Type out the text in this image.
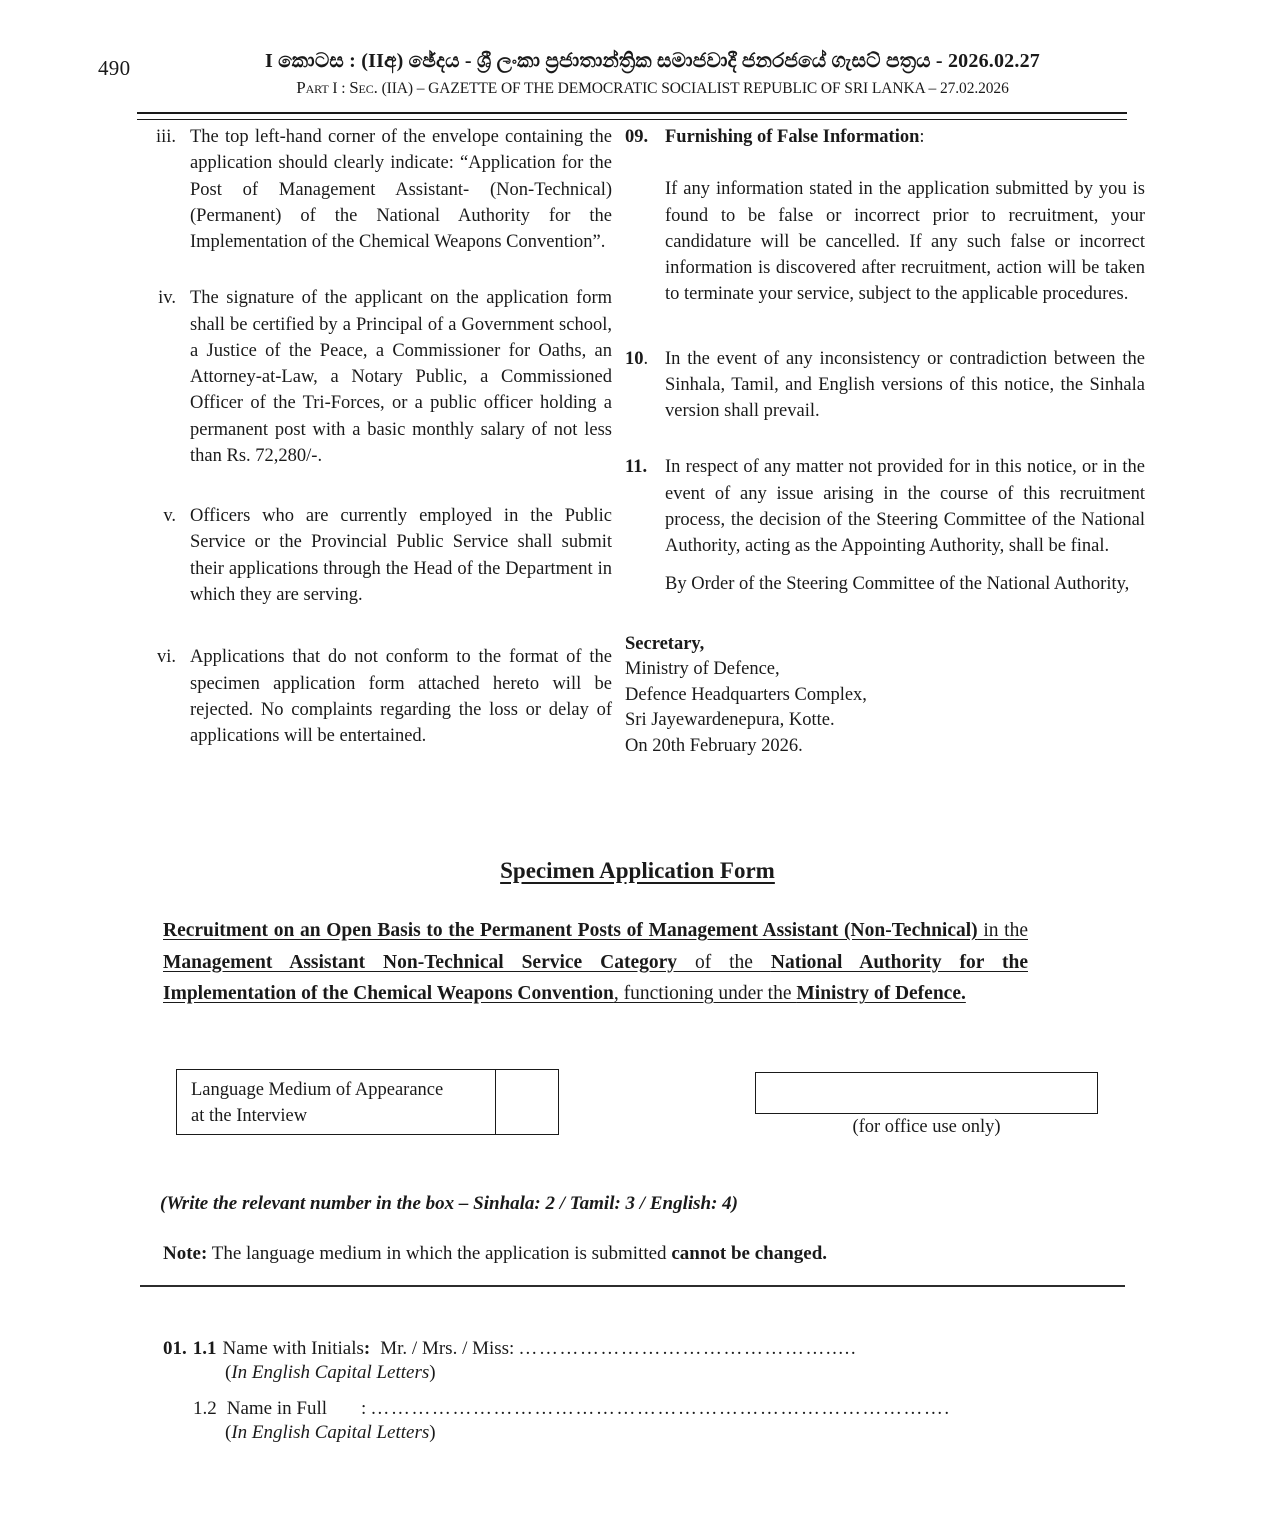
490	I කොටස : (IIඅ) ඡේදය - ශ්‍රී ලංකා ප්‍රජාතාන්ත්‍රික සමාජවාදී ජනරජයේ ගැසට් පත්‍රය - 2026.02.27
Part I : Sec. (IIA) – GAZETTE OF THE DEMOCRATIC SOCIALIST REPUBLIC OF SRI LANKA – 27.02.2026
iii. The top left-hand corner of the envelope containing the application should clearly indicate: “Application for the Post of Management Assistant- (Non-Technical) (Permanent) of the National Authority for the Implementation of the Chemical Weapons Convention”.
iv. The signature of the applicant on the application form shall be certified by a Principal of a Government school, a Justice of the Peace, a Commissioner for Oaths, an Attorney-at-Law, a Notary Public, a Commissioned Officer of the Tri-Forces, or a public officer holding a permanent post with a basic monthly salary of not less than Rs. 72,280/-.
v. Officers who are currently employed in the Public Service or the Provincial Public Service shall submit their applications through the Head of the Department in which they are serving.
vi. Applications that do not conform to the format of the specimen application form attached hereto will be rejected. No complaints regarding the loss or delay of applications will be entertained.
09. Furnishing of False Information:
If any information stated in the application submitted by you is found to be false or incorrect prior to recruitment, your candidature will be cancelled. If any such false or incorrect information is discovered after recruitment, action will be taken to terminate your service, subject to the applicable procedures.
10. In the event of any inconsistency or contradiction between the Sinhala, Tamil, and English versions of this notice, the Sinhala version shall prevail.
11. In respect of any matter not provided for in this notice, or in the event of any issue arising in the course of this recruitment process, the decision of the Steering Committee of the National Authority, acting as the Appointing Authority, shall be final.
By Order of the Steering Committee of the National Authority,
Secretary,
Ministry of Defence,
Defence Headquarters Complex,
Sri Jayewardenepura, Kotte.
On 20th February 2026.
Specimen Application Form
Recruitment on an Open Basis to the Permanent Posts of Management Assistant (Non-Technical) in the Management Assistant Non-Technical Service Category of the National Authority for the Implementation of the Chemical Weapons Convention, functioning under the Ministry of Defence.
Language Medium of Appearance
at the Interview
(for office use only)
(Write the relevant number in the box – Sinhala: 2 / Tamil: 3 / English: 4)
Note: The language medium in which the application is submitted cannot be changed.
01. 1.1 Name with Initials : Mr. / Mrs. / Miss: ……………………………………….....
(In English Capital Letters)
1.2 Name in Full : ………………………………………………………………………….
(In English Capital Letters)
